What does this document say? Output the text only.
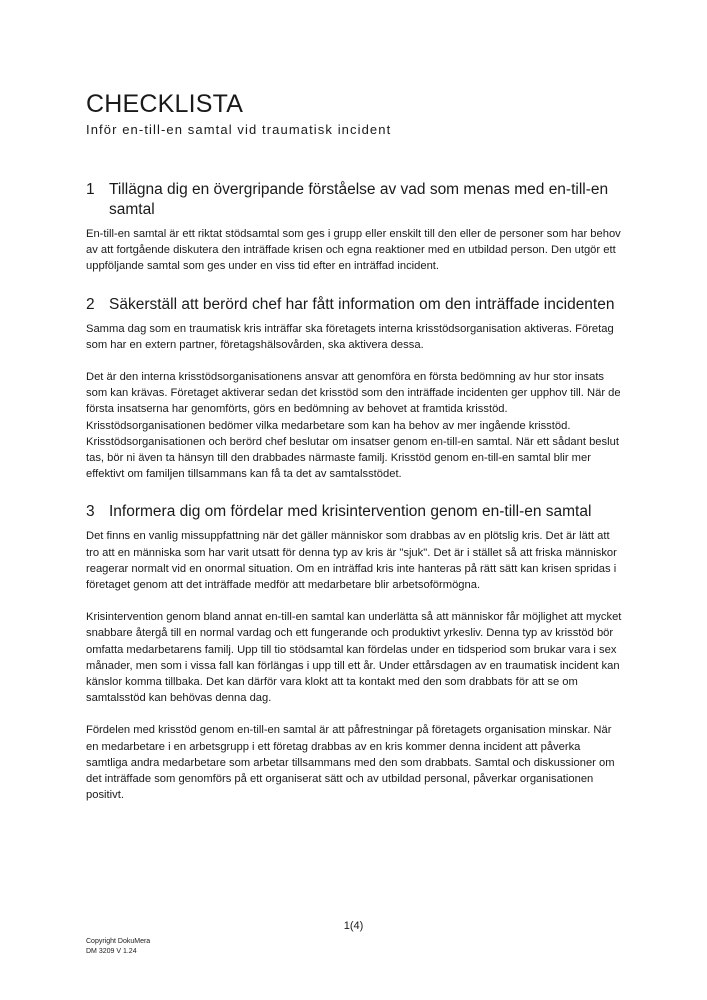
CHECKLISTA
Inför en-till-en samtal vid traumatisk incident
1 Tillägna dig en övergripande förståelse av vad som menas med en-till-en samtal

En-till-en samtal är ett riktat stödsamtal som ges i grupp eller enskilt till den eller de personer som har behov av att fortgående diskutera den inträffade krisen och egna reaktioner med en utbildad person. Den utgör ett uppföljande samtal som ges under en viss tid efter en inträffad incident.

2 Säkerställ att berörd chef har fått information om den inträffade incidenten

Samma dag som en traumatisk kris inträffar ska företagets interna krisstödsorganisation aktiveras. Företag som har en extern partner, företagshälsovården, ska aktivera dessa.

Det är den interna krisstödsorganisationens ansvar att genomföra en första bedömning av hur stor insats som kan krävas. Företaget aktiverar sedan det krisstöd som den inträffade incidenten ger upphov till. När de första insatserna har genomförts, görs en bedömning av behovet at framtida krisstöd. Krisstödsorganisationen bedömer vilka medarbetare som kan ha behov av mer ingående krisstöd. Krisstödsorganisationen och berörd chef beslutar om insatser genom en-till-en samtal. När ett sådant beslut tas, bör ni även ta hänsyn till den drabbades närmaste familj. Krisstöd genom en-till-en samtal blir mer effektivt om familjen tillsammans kan få ta det av samtalsstödet.

3 Informera dig om fördelar med krisintervention genom en-till-en samtal

Det finns en vanlig missuppfattning när det gäller människor som drabbas av en plötslig kris. Det är lätt att tro att en människa som har varit utsatt för denna typ av kris är "sjuk". Det är i stället så att friska människor reagerar normalt vid en onormal situation. Om en inträffad kris inte hanteras på rätt sätt kan krisen spridas i företaget genom att det inträffade medför att medarbetare blir arbetsoförmögna.

Krisintervention genom bland annat en-till-en samtal kan underlätta så att människor får möjlighet att mycket snabbare återgå till en normal vardag och ett fungerande och produktivt yrkesliv. Denna typ av krisstöd bör omfatta medarbetarens familj. Upp till tio stödsamtal kan fördelas under en tidsperiod som brukar vara i sex månader, men som i vissa fall kan förlängas i upp till ett år. Under ettårsdagen av en traumatisk incident kan känslor komma tillbaka. Det kan därför vara klokt att ta kontakt med den som drabbats för att se om samtalsstöd kan behövas denna dag.

Fördelen med krisstöd genom en-till-en samtal är att påfrestningar på företagets organisation minskar. När en medarbetare i en arbetsgrupp i ett företag drabbas av en kris kommer denna incident att påverka samtliga andra medarbetare som arbetar tillsammans med den som drabbats. Samtal och diskussioner om det inträffade som genomförs på ett organiserat sätt och av utbildad personal, påverkar organisationen positivt.

1(4)
Copyright DokuMera
DM 3209 V 1.24
